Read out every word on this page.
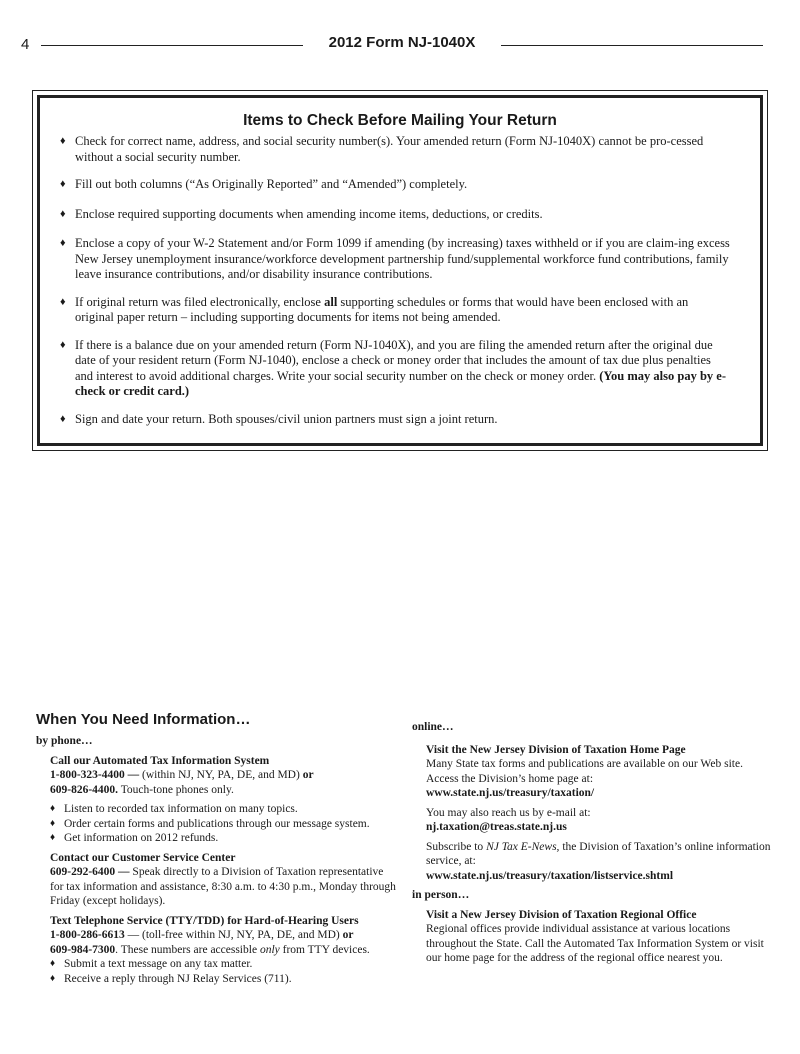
4	2012 Form NJ-1040X
Items to Check Before Mailing Your Return
♦ Check for correct name, address, and social security number(s). Your amended return (Form NJ-1040X) cannot be pro-cessed without a social security number.
♦ Fill out both columns (“As Originally Reported” and “Amended”) completely.
♦ Enclose required supporting documents when amending income items, deductions, or credits.
♦ Enclose a copy of your W-2 Statement and/or Form 1099 if amending (by increasing) taxes withheld or if you are claim-ing excess New Jersey unemployment insurance/workforce development partnership fund/supplemental workforce fund contributions, family leave insurance contributions, and/or disability insurance contributions.
♦ If original return was filed electronically, enclose all supporting schedules or forms that would have been enclosed with an original paper return – including supporting documents for items not being amended.
♦ If there is a balance due on your amended return (Form NJ-1040X), and you are filing the amended return after the original due date of your resident return (Form NJ-1040), enclose a check or money order that includes the amount of tax due plus penalties and interest to avoid additional charges. Write your social security number on the check or money order. (You may also pay by e-check or credit card.)
♦ Sign and date your return. Both spouses/civil union partners must sign a joint return.
When You Need Information…
by phone…
Call our Automated Tax Information System
1-800-323-4400 — (within NJ, NY, PA, DE, and MD) or
609-826-4400. Touch-tone phones only.
♦ Listen to recorded tax information on many topics.
♦ Order certain forms and publications through our message system.
♦ Get information on 2012 refunds.
Contact our Customer Service Center
609-292-6400 — Speak directly to a Division of Taxation representative for tax information and assistance, 8:30 a.m. to 4:30 p.m., Monday through Friday (except holidays).
Text Telephone Service (TTY/TDD) for Hard-of-Hearing Users
1-800-286-6613 — (toll-free within NJ, NY, PA, DE, and MD) or
609-984-7300. These numbers are accessible only from TTY devices.
♦ Submit a text message on any tax matter.
♦ Receive a reply through NJ Relay Services (711).
online…
Visit the New Jersey Division of Taxation Home Page
Many State tax forms and publications are available on our Web site. Access the Division’s home page at:
www.state.nj.us/treasury/taxation/
You may also reach us by e-mail at:
nj.taxation@treas.state.nj.us
Subscribe to NJ Tax E-News, the Division of Taxation’s online information service, at:
www.state.nj.us/treasury/taxation/listservice.shtml
in person…
Visit a New Jersey Division of Taxation Regional Office
Regional offices provide individual assistance at various locations throughout the State. Call the Automated Tax Information System or visit our home page for the address of the regional office nearest you.
